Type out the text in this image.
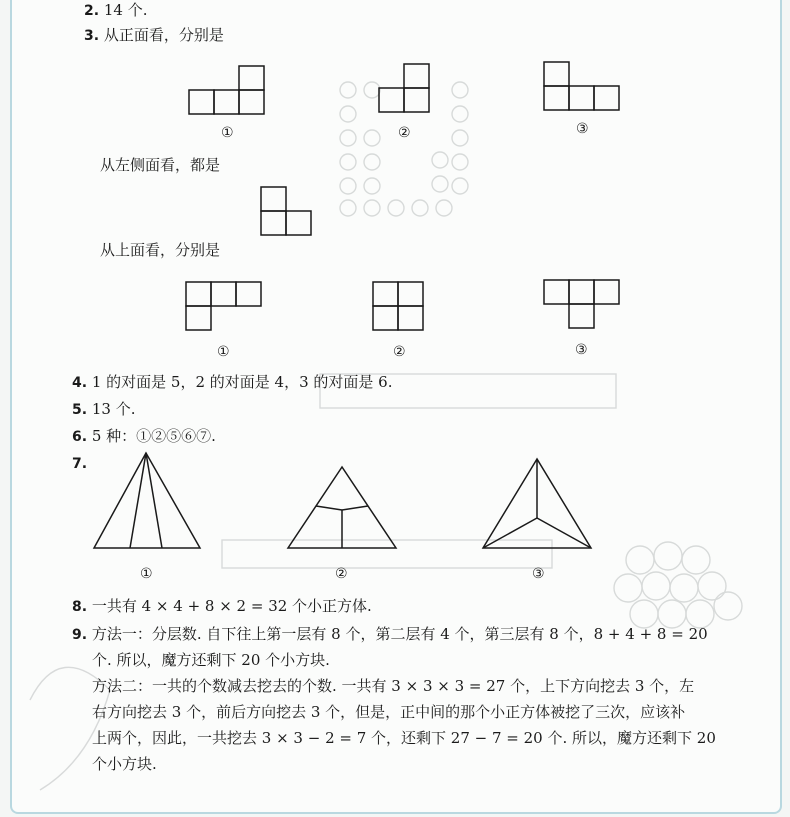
2. 14 个.
3. 从正面看，分别是
①	②	③
从左侧面看，都是
从上面看，分别是
①	②	③
4. 1 的对面是 5，2 的对面是 4，3 的对面是 6.
5. 13 个.
6. 5 种：①②⑤⑥⑦.
7.
①	②	③
8. 一共有 4 × 4 + 8 × 2 = 32 个小正方体.
9. 方法一：分层数. 自下往上第一层有 8 个，第二层有 4 个，第三层有 8 个，8 + 4 + 8 = 20
个. 所以，魔方还剩下 20 个小方块.
方法二：一共的个数减去挖去的个数. 一共有 3 × 3 × 3 = 27 个，上下方向挖去 3 个，左
右方向挖去 3 个，前后方向挖去 3 个，但是，正中间的那个小正方体被挖了三次，应该补
上两个，因此，一共挖去 3 × 3 − 2 = 7 个，还剩下 27 − 7 = 20 个. 所以，魔方还剩下 20
个小方块.
